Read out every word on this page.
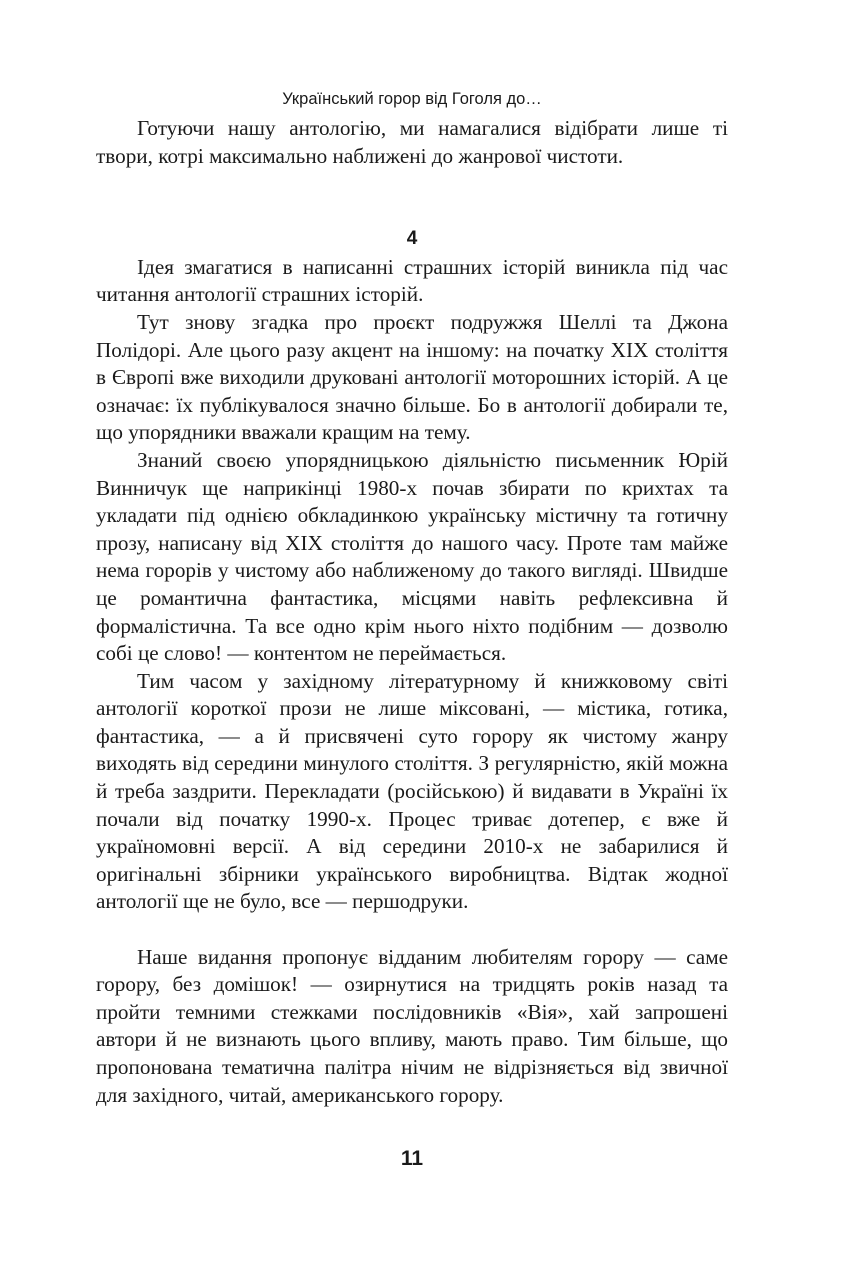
Український горор від Гоголя до…

Готуючи нашу антологію, ми намагалися відібрати лише ті твори, котрі максимально наближені до жанрової чистоти.

4

Ідея змагатися в написанні страшних історій виникла під час читання антології страшних історій.

Тут знову згадка про проєкт подружжя Шеллі та Джона Полідорі. Але цього разу акцент на іншому: на початку XIX століття в Європі вже виходили друковані антології моторошних історій. А це означає: їх публікувалося значно більше. Бо в антології добирали те, що упорядники вважали кращим на тему.

Знаний своєю упорядницькою діяльністю письменник Юрій Винничук ще наприкінці 1980-х почав збирати по крихтах та укладати під однією обкладинкою українську містичну та готичну прозу, написану від XIX століття до нашого часу. Проте там майже нема горорів у чистому або наближеному до такого вигляді. Швидше це романтична фантастика, місцями навіть рефлексивна й формалістична. Та все одно крім нього ніхто подібним — дозволю собі це слово! — контентом не переймається.

Тим часом у західному літературному й книжковому світі антології короткої прози не лише міксовані, — містика, готика, фантастика, — а й присвячені суто горору як чистому жанру виходять від середини минулого століття. З регулярністю, якій можна й треба заздрити. Перекладати (російською) й видавати в Україні їх почали від початку 1990-х. Процес триває дотепер, є вже й україномовні версії. А від середини 2010-х не забарилися й оригінальні збірники українського виробництва. Відтак жодної антології ще не було, все — першодруки.

Наше видання пропонує відданим любителям горору — саме горору, без домішок! — озирнутися на тридцять років назад та пройти темними стежками послідовників «Вія», хай запрошені автори й не визнають цього впливу, мають право. Тим більше, що пропонована тематична палітра нічим не відрізняється від звичної для західного, читай, американського горору.

11
